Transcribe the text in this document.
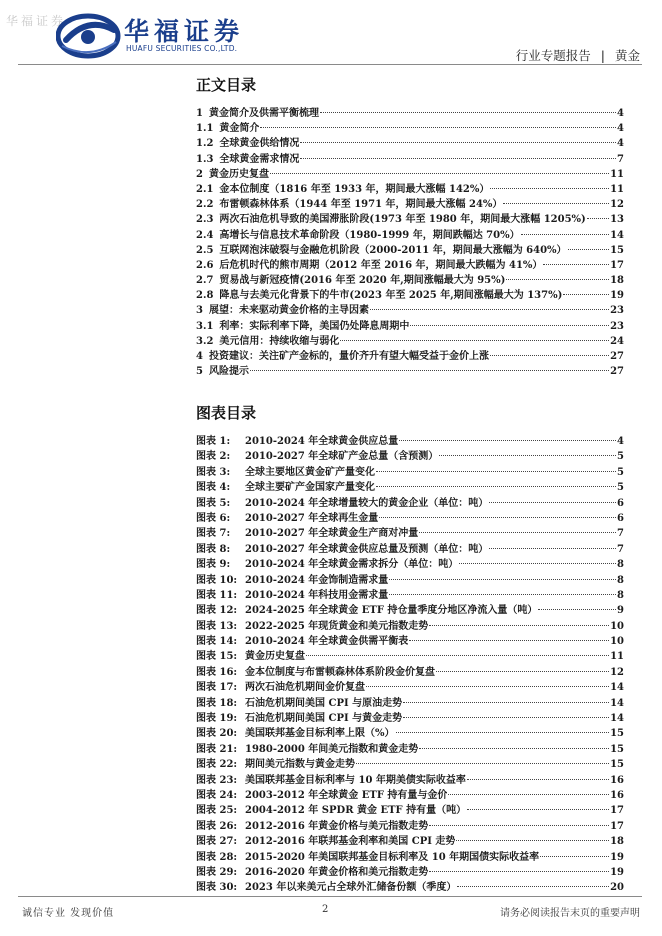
华福证券 华福证券
HUAFU SECURITIES CO.,LTD.	行业专题报告 | 黄金
正文目录
1 黄金简介及供需平衡梳理	4
1.1 黄金简介	4
1.2 全球黄金供给情况	4
1.3 全球黄金需求情况	7
2 黄金历史复盘	11
2.1 金本位制度（1816 年至 1933 年，期间最大涨幅 142%）	11
2.2 布雷顿森林体系（1944 年至 1971 年，期间最大涨幅 24%）	12
2.3 两次石油危机导致的美国滞胀阶段(1973 年至 1980 年，期间最大涨幅 1205%) 13
2.4 高增长与信息技术革命阶段（1980-1999 年，期间跌幅达 70%）	14
2.5 互联网泡沫破裂与金融危机阶段（2000-2011 年，期间最大涨幅为 640%）	15
2.6 后危机时代的熊市周期（2012 年至 2016 年，期间最大跌幅为 41%）	17
2.7 贸易战与新冠疫情(2016 年至 2020 年,期间涨幅最大为 95%)	18
2.8 降息与去美元化背景下的牛市(2023 年至 2025 年,期间涨幅最大为 137%)	19
3 展望：未来驱动黄金价格的主导因素	23
3.1 利率：实际利率下降，美国仍处降息周期中	23
3.2 美元信用：持续收缩与弱化	24
4 投资建议：关注矿产金标的，量价齐升有望大幅受益于金价上涨	27
5 风险提示	27
图表目录
图表 1:	2010-2024 年全球黄金供应总量	4
图表 2:	2010-2027 年全球矿产金总量（含预测）	5
图表 3:	全球主要地区黄金矿产量变化	5
图表 4:	全球主要矿产金国家产量变化	5
图表 5:	2010-2024 年全球增量较大的黄金企业（单位：吨）	6
图表 6:	2010-2027 年全球再生金量	6
图表 7:	2010-2027 年全球黄金生产商对冲量	7
图表 8:	2010-2027 年全球黄金供应总量及预测（单位：吨）	7
图表 9:	2010-2024 年全球黄金需求拆分（单位：吨）	8
图表 10: 2010-2024 年金饰制造需求量	8
图表 11: 2010-2024 年科技用金需求量	8
图表 12: 2024-2025 年全球黄金 ETF 持仓量季度分地区净流入量（吨）	9
图表 13: 2022-2025 年现货黄金和美元指数走势	10
图表 14: 2010-2024 年全球黄金供需平衡表	10
图表 15: 黄金历史复盘	11
图表 16: 金本位制度与布雷顿森林体系阶段金价复盘	12
图表 17: 两次石油危机期间金价复盘	14
图表 18: 石油危机期间美国 CPI 与原油走势	14
图表 19: 石油危机期间美国 CPI 与黄金走势	14
图表 20: 美国联邦基金目标利率上限（%）	15
图表 21: 1980-2000 年间美元指数和黄金走势	15
图表 22: 期间美元指数与黄金走势	15
图表 23: 美国联邦基金目标利率与 10 年期美债实际收益率	16
图表 24: 2003-2012 年全球黄金 ETF 持有量与金价	16
图表 25: 2004-2012 年 SPDR 黄金 ETF 持有量（吨）	17
图表 26: 2012-2016 年黄金价格与美元指数走势	17
图表 27: 2012-2016 年联邦基金利率和美国 CPI 走势	18
图表 28: 2015-2020 年美国联邦基金目标利率及 10 年期国债实际收益率	19
图表 29: 2016-2020 年黄金价格和美元指数走势	19
图表 30: 2023 年以来美元占全球外汇储备份额（季度）	20
诚信专业 发现价值	2	请务必阅读报告末页的重要声明
